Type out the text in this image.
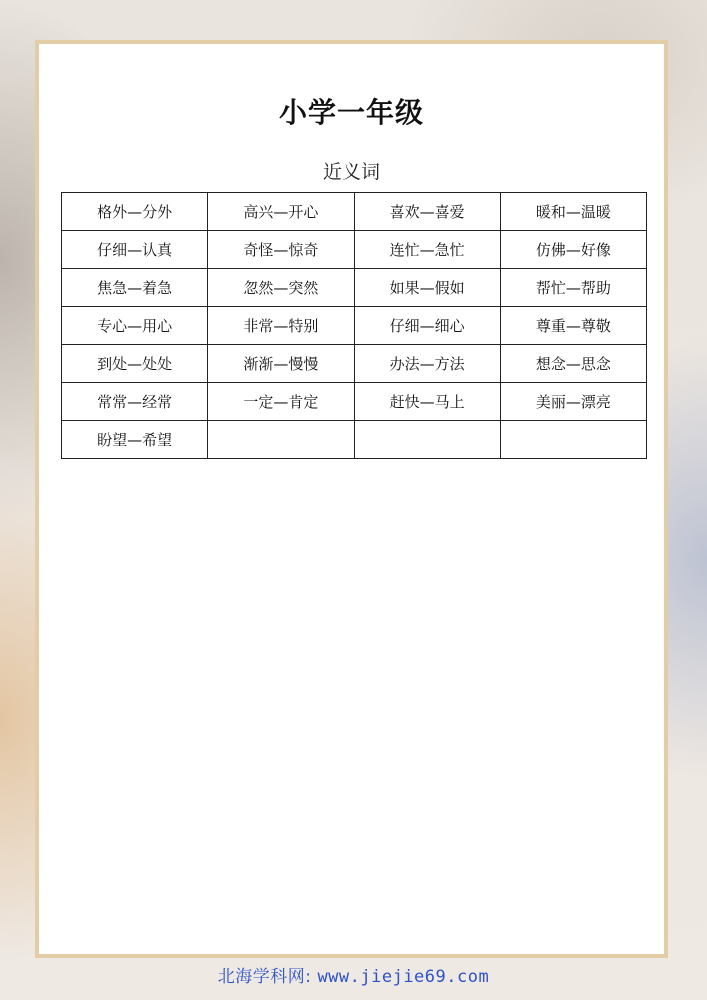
小学一年级
近义词
格外—分外	高兴—开心	喜欢—喜爱	暖和—温暖
仔细—认真	奇怪—惊奇	连忙—急忙	仿佛—好像
焦急—着急	忽然—突然	如果—假如	帮忙—帮助
专心—用心	非常—特别	仔细—细心	尊重—尊敬
到处—处处	渐渐—慢慢	办法—方法	想念—思念
常常—经常	一定—肯定	赶快—马上	美丽—漂亮
盼望—希望			
北海学科网: www.jiejie69.com
